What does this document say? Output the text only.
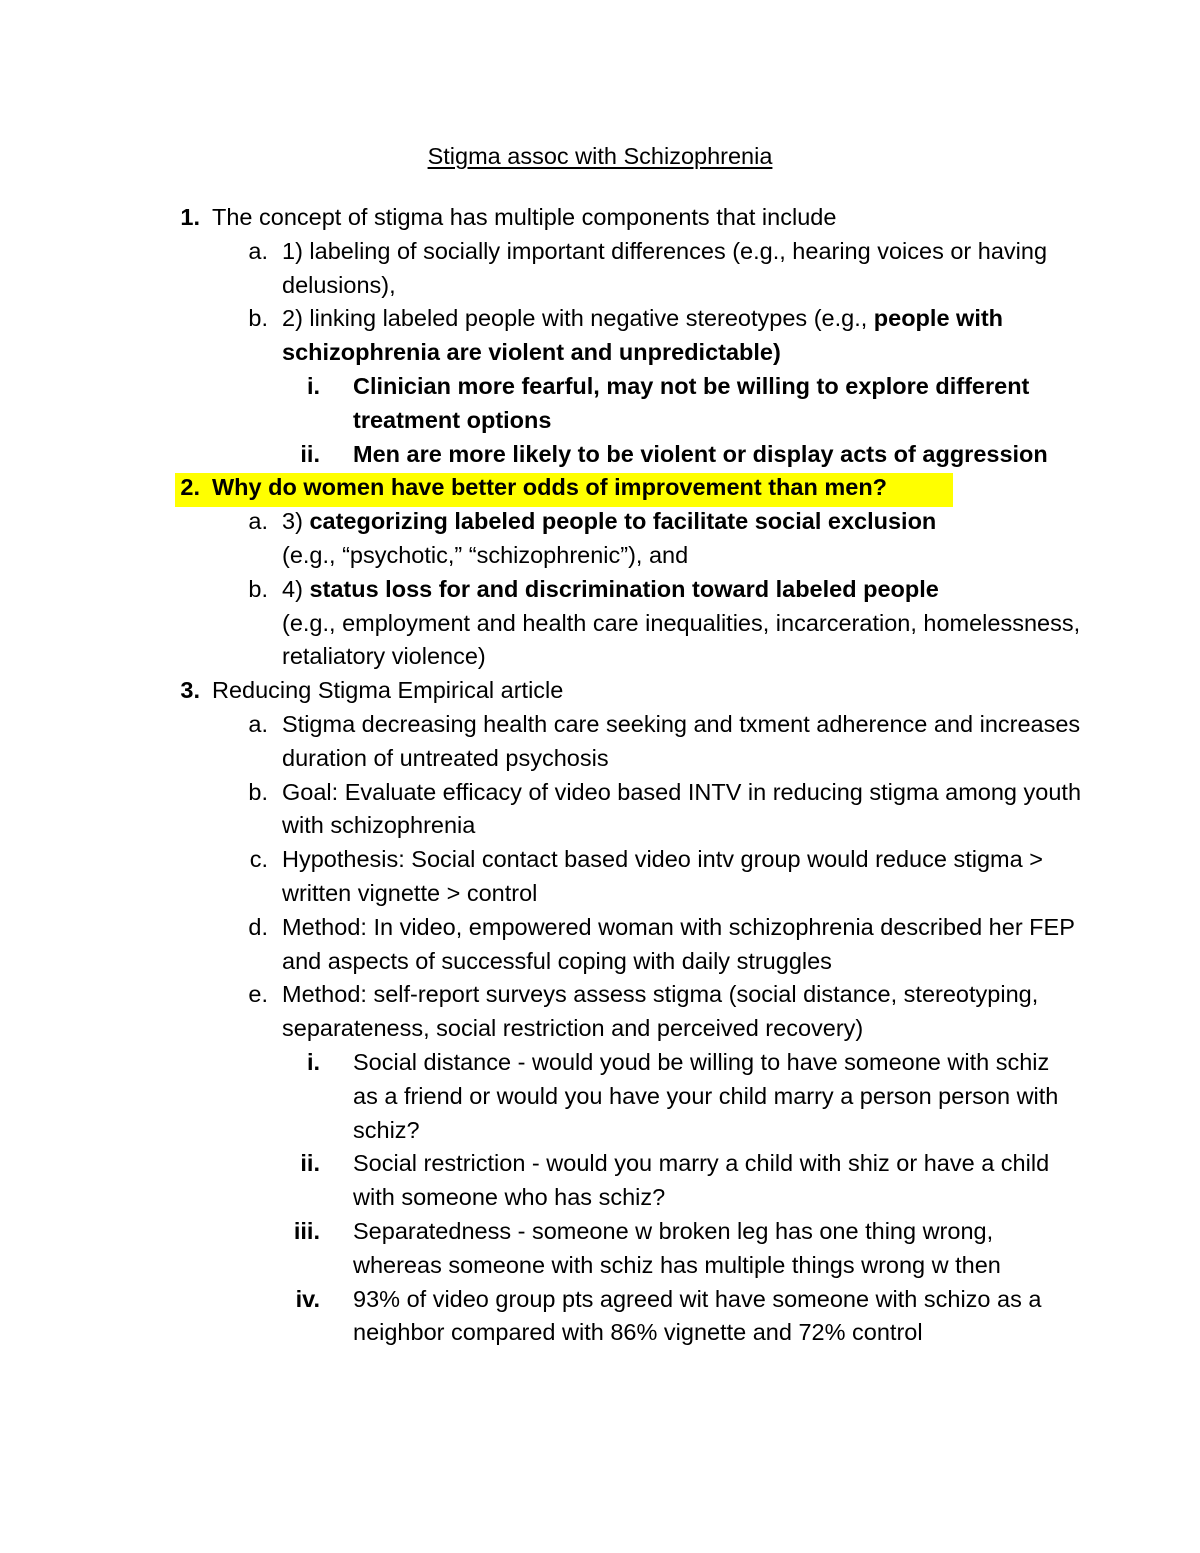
Stigma assoc with Schizophrenia
1. The concept of stigma has multiple components that include
a. 1) labeling of socially important differences (e.g., hearing voices or having delusions),
b. 2) linking labeled people with negative stereotypes (e.g., people with schizophrenia are violent and unpredictable)
i. Clinician more fearful, may not be willing to explore different treatment options
ii. Men are more likely to be violent or display acts of aggression
2. Why do women have better odds of improvement than men?
a. 3) categorizing labeled people to facilitate social exclusion
(e.g., “psychotic,” “schizophrenic”), and
b. 4) status loss for and discrimination toward labeled people
(e.g., employment and health care inequalities, incarceration, homelessness, retaliatory violence)
3. Reducing Stigma Empirical article
a. Stigma decreasing health care seeking and txment adherence and increases duration of untreated psychosis
b. Goal: Evaluate efficacy of video based INTV in reducing stigma among youth with schizophrenia
c. Hypothesis: Social contact based video intv group would reduce stigma > written vignette > control
d. Method: In video, empowered woman with schizophrenia described her FEP and aspects of successful coping with daily struggles
e. Method: self-report surveys assess stigma (social distance, stereotyping, separateness, social restriction and perceived recovery)
i. Social distance - would youd be willing to have someone with schiz as a friend or would you have your child marry a person person with schiz?
ii. Social restriction - would you marry a child with shiz or have a child with someone who has schiz?
iii. Separatedness - someone w broken leg has one thing wrong, whereas someone with schiz has multiple things wrong w then
iv. 93% of video group pts agreed wit have someone with schizo as a neighbor compared with 86% vignette and 72% control
